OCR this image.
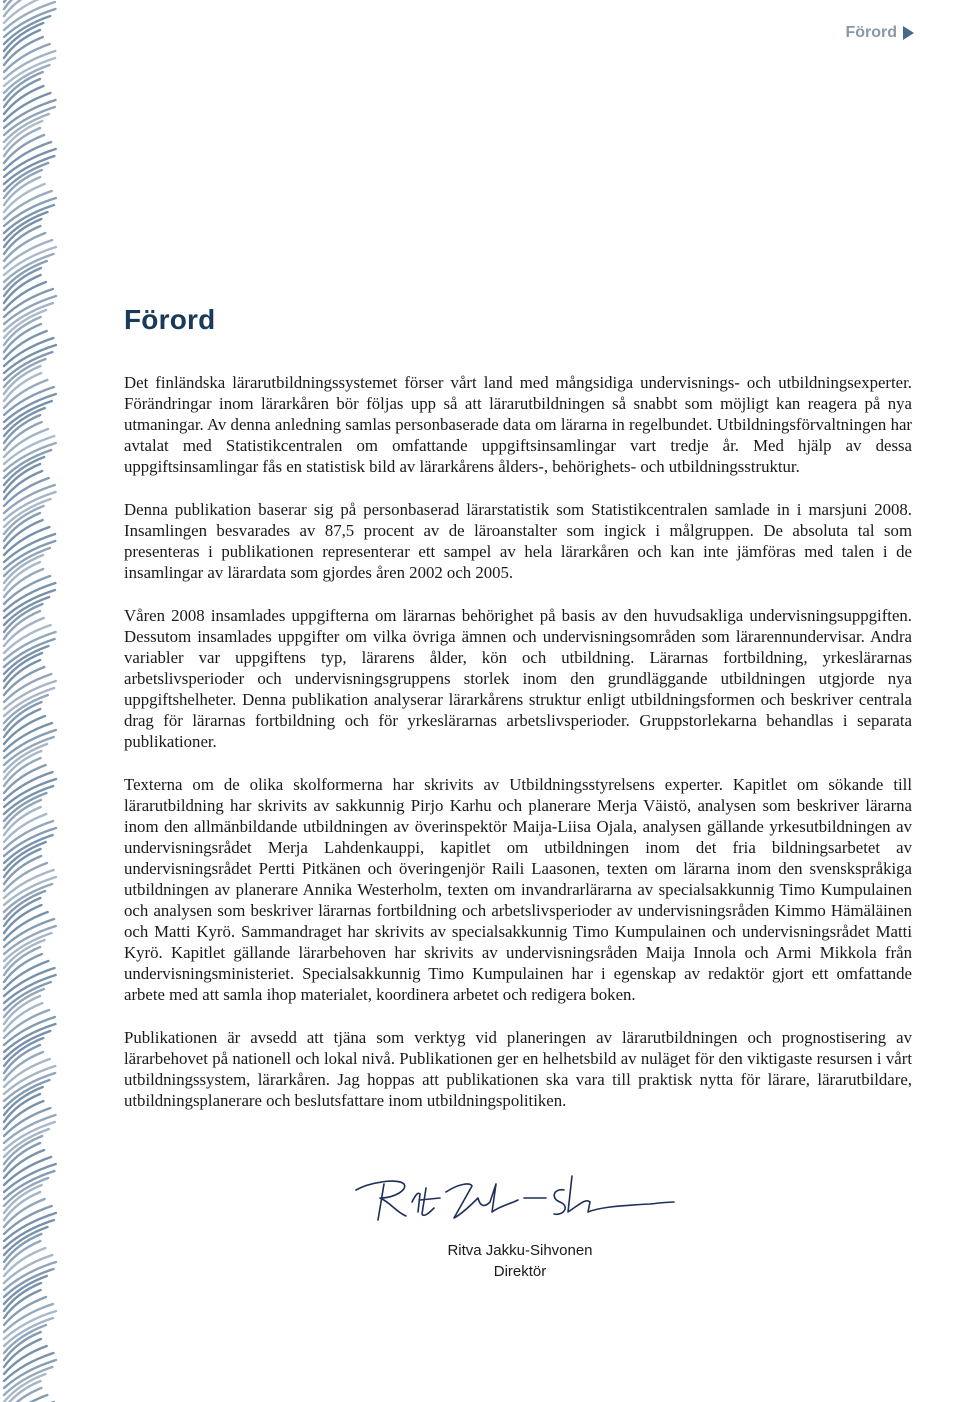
Förord
Förord

Det finländska lärarutbildningssystemet förser vårt land med mångsidiga undervisnings- och utbildningsexperter. Förändringar inom lärarkåren bör följas upp så att lärarutbildningen så snabbt som möjligt kan reagera på nya utmaningar. Av denna anledning samlas personbaserade data om lärarna in regelbundet. Utbildningsförvaltningen har avtalat med Statistikcentralen om omfattande uppgiftsinsamlingar vart tredje år. Med hjälp av dessa uppgiftsinsamlingar fås en statistisk bild av lärarkårens ålders-, behörighets- och utbildningsstruktur.

Denna publikation baserar sig på personbaserad lärarstatistik som Statistikcentralen samlade in i marsjuni 2008. Insamlingen besvarades av 87,5 procent av de läroanstalter som ingick i målgruppen. De absoluta tal som presenteras i publikationen representerar ett sampel av hela lärarkåren och kan inte jämföras med talen i de insamlingar av lärardata som gjordes åren 2002 och 2005.

Våren 2008 insamlades uppgifterna om lärarnas behörighet på basis av den huvudsakliga undervisningsuppgiften. Dessutom insamlades uppgifter om vilka övriga ämnen och undervisningsområden som lärarennundervisar. Andra variabler var uppgiftens typ, lärarens ålder, kön och utbildning. Lärarnas fortbildning, yrkeslärarnas arbetslivsperioder och undervisningsgruppens storlek inom den grundläggande utbildningen utgjorde nya uppgiftshelheter. Denna publikation analyserar lärarkårens struktur enligt utbildningsformen och beskriver centrala drag för lärarnas fortbildning och för yrkeslärarnas arbetslivsperioder. Gruppstorlekarna behandlas i separata publikationer.

Texterna om de olika skolformerna har skrivits av Utbildningsstyrelsens experter. Kapitlet om sökande till lärarutbildning har skrivits av sakkunnig Pirjo Karhu och planerare Merja Väistö, analysen som beskriver lärarna inom den allmänbildande utbildningen av överinspektör Maija-Liisa Ojala, analysen gällande yrkesutbildningen av undervisningsrådet Merja Lahdenkauppi, kapitlet om utbildningen inom det fria bildningsarbetet av undervisningsrådet Pertti Pitkänen och överingenjör Raili Laasonen, texten om lärarna inom den svenskspråkiga utbildningen av planerare Annika Westerholm, texten om invandrarlärarna av specialsakkunnig Timo Kumpulainen och analysen som beskriver lärarnas fortbildning och arbetslivsperioder av undervisningsråden Kimmo Hämäläinen och Matti Kyrö. Sammandraget har skrivits av specialsakkunnig Timo Kumpulainen och undervisningsrådet Matti Kyrö. Kapitlet gällande lärarbehoven har skrivits av undervisningsråden Maija Innola och Armi Mikkola från undervisningsministeriet. Specialsakkunnig Timo Kumpulainen har i egenskap av redaktör gjort ett omfattande arbete med att samla ihop materialet, koordinera arbetet och redigera boken.

Publikationen är avsedd att tjäna som verktyg vid planeringen av lärarutbildningen och prognostisering av lärarbehovet på nationell och lokal nivå. Publikationen ger en helhetsbild av nuläget för den viktigaste resursen i vårt utbildningssystem, lärarkåren. Jag hoppas att publikationen ska vara till praktisk nytta för lärare, lärarutbildare, utbildningsplanerare och beslutsfattare inom utbildningspolitiken.

Ritva Jakku-Sihvonen
Direktör
